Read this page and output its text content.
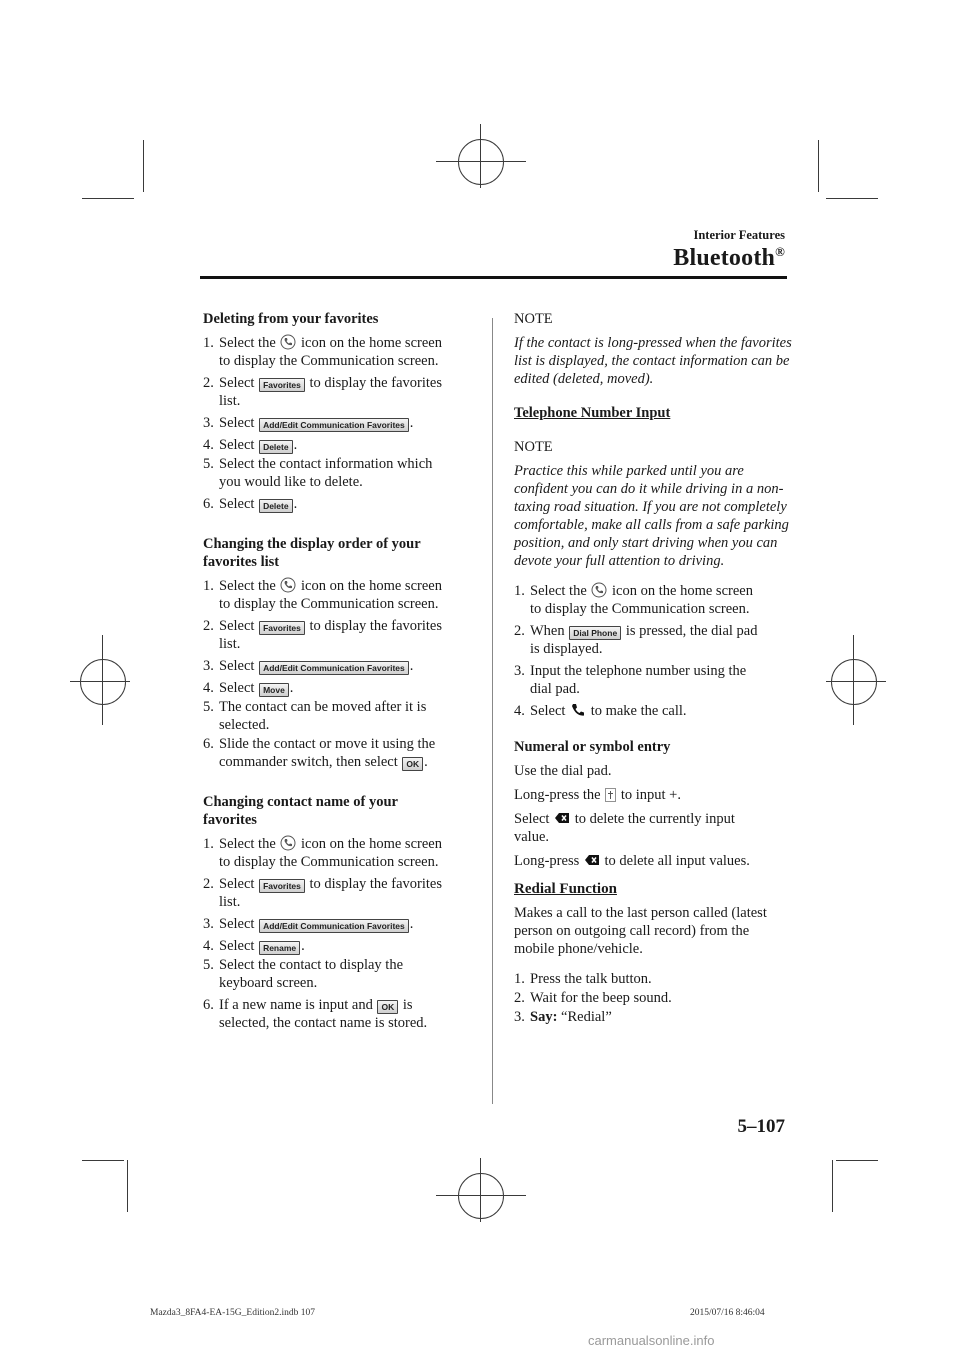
Interior Features
Bluetooth®
Deleting from your favorites
1. Select the icon on the home screen
to display the Communication screen.
2. Select Favorites to display the favorites
list.
3. Select Add/Edit Communication Favorites .
4. Select Delete .
5. Select the contact information which
you would like to delete.
6. Select Delete .
Changing the display order of your
favorites list
1. Select the icon on the home screen
to display the Communication screen.
2. Select Favorites to display the favorites
list.
3. Select Add/Edit Communication Favorites .
4. Select Move .
5. The contact can be moved after it is
selected.
6. Slide the contact or move it using the
commander switch, then select OK .
Changing contact name of your
favorites
1. Select the icon on the home screen
to display the Communication screen.
2. Select Favorites to display the favorites
list.
3. Select Add/Edit Communication Favorites .
4. Select Rename .
5. Select the contact to display the
keyboard screen.
6. If a new name is input and OK is
selected, the contact name is stored.

NOTE

If the contact is long-pressed when the favorites list is displayed, the contact information can be edited (deleted, moved).

Telephone Number Input

NOTE

Practice this while parked until you are confident you can do it while driving in a non-taxing road situation. If you are not completely comfortable, make all calls from a safe parking position, and only start driving when you can devote your full attention to driving.

1. Select the icon on the home screen
to display the Communication screen.
2. When Dial Phone is pressed, the dial pad
is displayed.
3. Input the telephone number using the
dial pad.
4. Select to make the call.
Numeral or symbol entry

Use the dial pad.

Long-press the to input +.

Select to delete the currently input
value.

Long-press to delete all input values.

Redial Function

Makes a call to the last person called (latest person on outgoing call record) from the mobile phone/vehicle.

1. Press the talk button.
2. Wait for the beep sound.
3. Say: “Redial”
5–107
Mazda3_8FA4-EA-15G_Edition2.indb 107	2015/07/16 8:46:04
carmanualsonline.info
